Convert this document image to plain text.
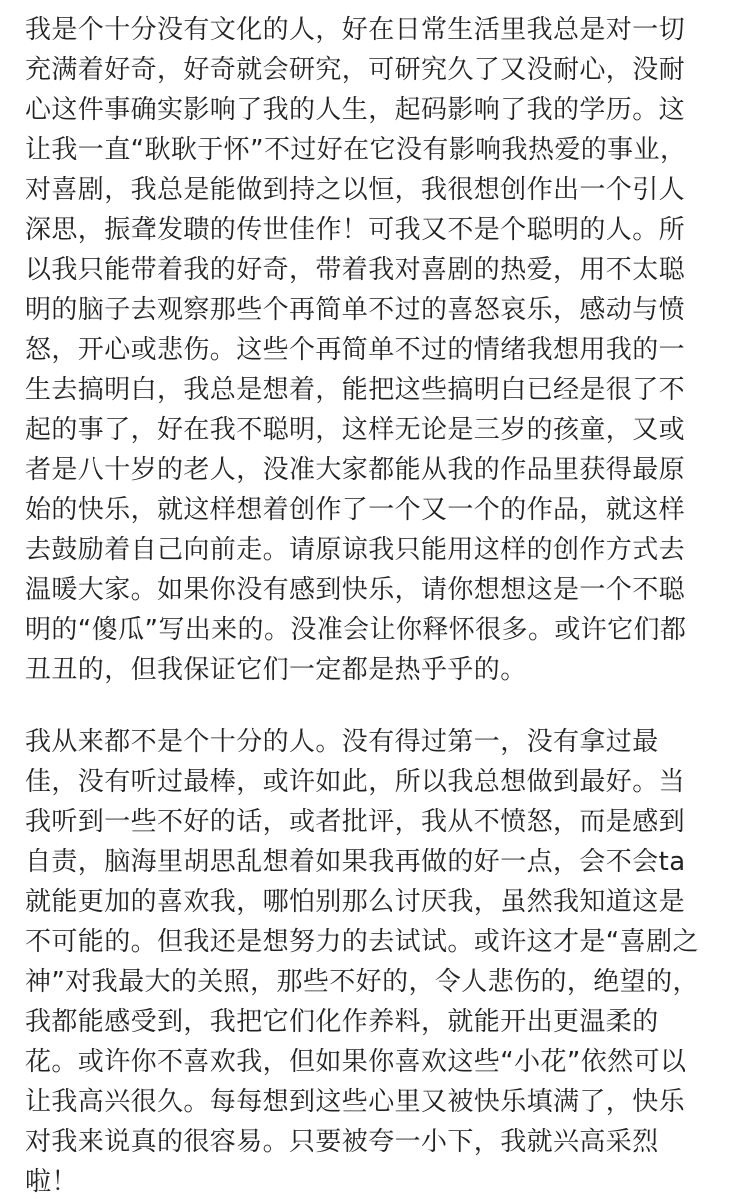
我是个十分没有文化的人，好在日常生活里我总是对一切
充满着好奇，好奇就会研究，可研究久了又没耐心，没耐
心这件事确实影响了我的人生，起码影响了我的学历。这
让我一直“耿耿于怀”不过好在它没有影响我热爱的事业，
对喜剧，我总是能做到持之以恒，我很想创作出一个引人
深思，振聋发聩的传世佳作！可我又不是个聪明的人。所
以我只能带着我的好奇，带着我对喜剧的热爱，用不太聪
明的脑子去观察那些个再简单不过的喜怒哀乐，感动与愤
怒，开心或悲伤。这些个再简单不过的情绪我想用我的一
生去搞明白，我总是想着，能把这些搞明白已经是很了不
起的事了，好在我不聪明，这样无论是三岁的孩童，又或
者是八十岁的老人，没准大家都能从我的作品里获得最原
始的快乐，就这样想着创作了一个又一个的作品，就这样
去鼓励着自己向前走。请原谅我只能用这样的创作方式去
温暖大家。如果你没有感到快乐，请你想想这是一个不聪
明的“傻瓜”写出来的。没准会让你释怀很多。或许它们都
丑丑的，但我保证它们一定都是热乎乎的。
我从来都不是个十分的人。没有得过第一，没有拿过最
佳，没有听过最棒，或许如此，所以我总想做到最好。当
我听到一些不好的话，或者批评，我从不愤怒，而是感到
自责，脑海里胡思乱想着如果我再做的好一点，会不会ta
就能更加的喜欢我，哪怕别那么讨厌我，虽然我知道这是
不可能的。但我还是想努力的去试试。或许这才是“喜剧之
神”对我最大的关照，那些不好的，令人悲伤的，绝望的，
我都能感受到，我把它们化作养料，就能开出更温柔的
花。或许你不喜欢我，但如果你喜欢这些“小花”依然可以
让我高兴很久。每每想到这些心里又被快乐填满了，快乐
对我来说真的很容易。只要被夸一小下，我就兴高采烈
啦！
